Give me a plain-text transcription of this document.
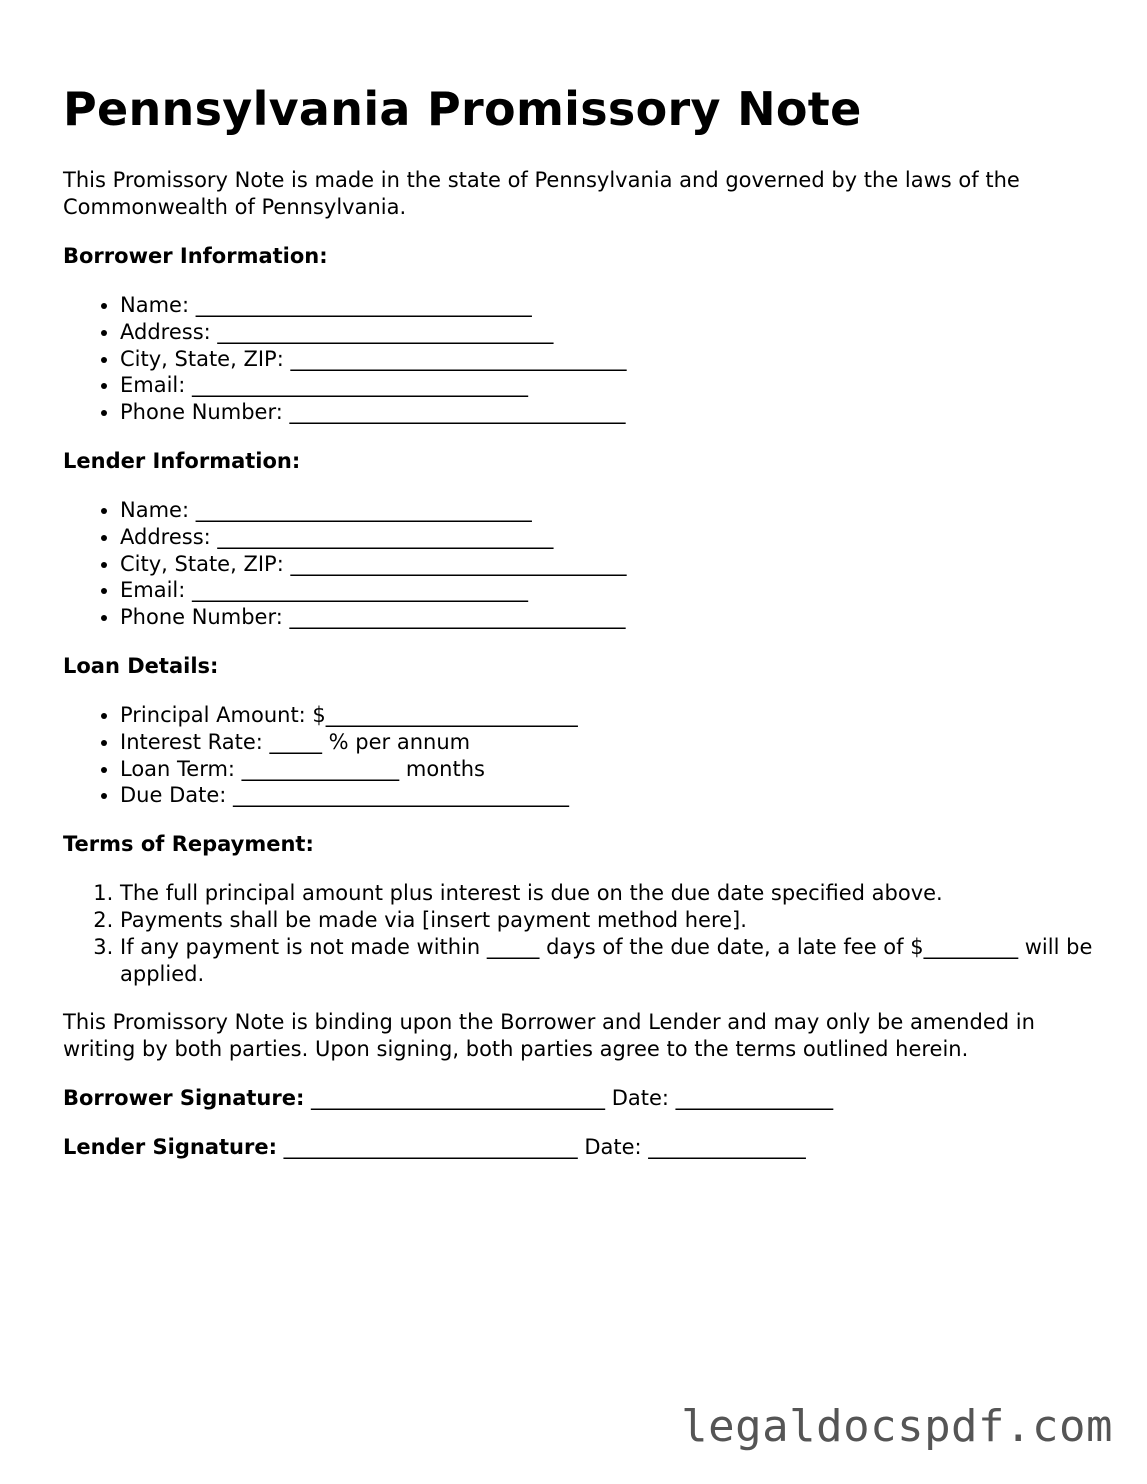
Pennsylvania Promissory Note

This Promissory Note is made in the state of Pennsylvania and governed by the laws of the Commonwealth of Pennsylvania.

Borrower Information:
• Name: ________________________________
• Address: ________________________________
• City, State, ZIP: ________________________________
• Email: ________________________________
• Phone Number: ________________________________
Lender Information:
• Name: ________________________________
• Address: ________________________________
• City, State, ZIP: ________________________________
• Email: ________________________________
• Phone Number: ________________________________
Loan Details:
• Principal Amount: $________________________
• Interest Rate: _____ % per annum
• Loan Term: _______________ months
• Due Date: ________________________________
Terms of Repayment:
1. The full principal amount plus interest is due on the due date specified above.
2. Payments shall be made via [insert payment method here].
3. If any payment is not made within _____ days of the due date, a late fee of $_________ will be applied.

This Promissory Note is binding upon the Borrower and Lender and may only be amended in writing by both parties. Upon signing, both parties agree to the terms outlined herein.

Borrower Signature: ____________________________ Date: _______________

Lender Signature: ____________________________ Date: _______________

legaldocspdf.com
